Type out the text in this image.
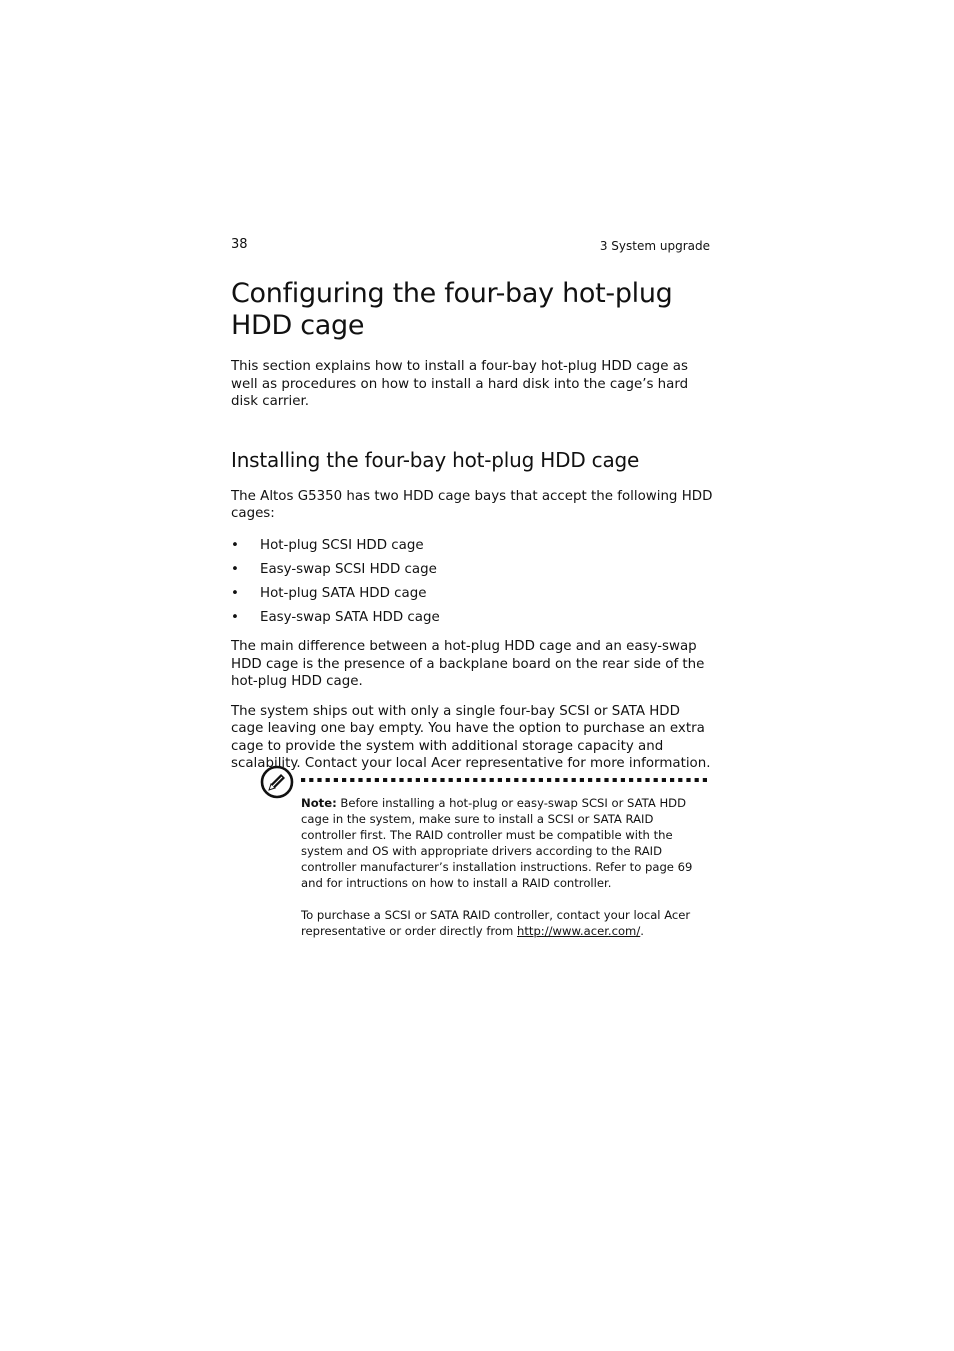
38	3 System upgrade
Configuring the four-bay hot-plug HDD cage

This section explains how to install a four-bay hot-plug HDD cage as well as procedures on how to install a hard disk into the cage’s hard disk carrier.

Installing the four-bay hot-plug HDD cage

The Altos G5350 has two HDD cage bays that accept the following HDD cages:

• Hot-plug SCSI HDD cage
• Easy-swap SCSI HDD cage
• Hot-plug SATA HDD cage
• Easy-swap SATA HDD cage

The main difference between a hot-plug HDD cage and an easy-swap HDD cage is the presence of a backplane board on the rear side of the hot-plug HDD cage.

The system ships out with only a single four-bay SCSI or SATA HDD cage leaving one bay empty. You have the option to purchase an extra cage to provide the system with additional storage capacity and scalability. Contact your local Acer representative for more information.

Note: Before installing a hot-plug or easy-swap SCSI or SATA HDD cage in the system, make sure to install a SCSI or SATA RAID controller first. The RAID controller must be compatible with the system and OS with appropriate drivers according to the RAID controller manufacturer’s installation instructions. Refer to page 69 and for intructions on how to install a RAID controller.

To purchase a SCSI or SATA RAID controller, contact your local Acer representative or order directly from http://www.acer.com/.
